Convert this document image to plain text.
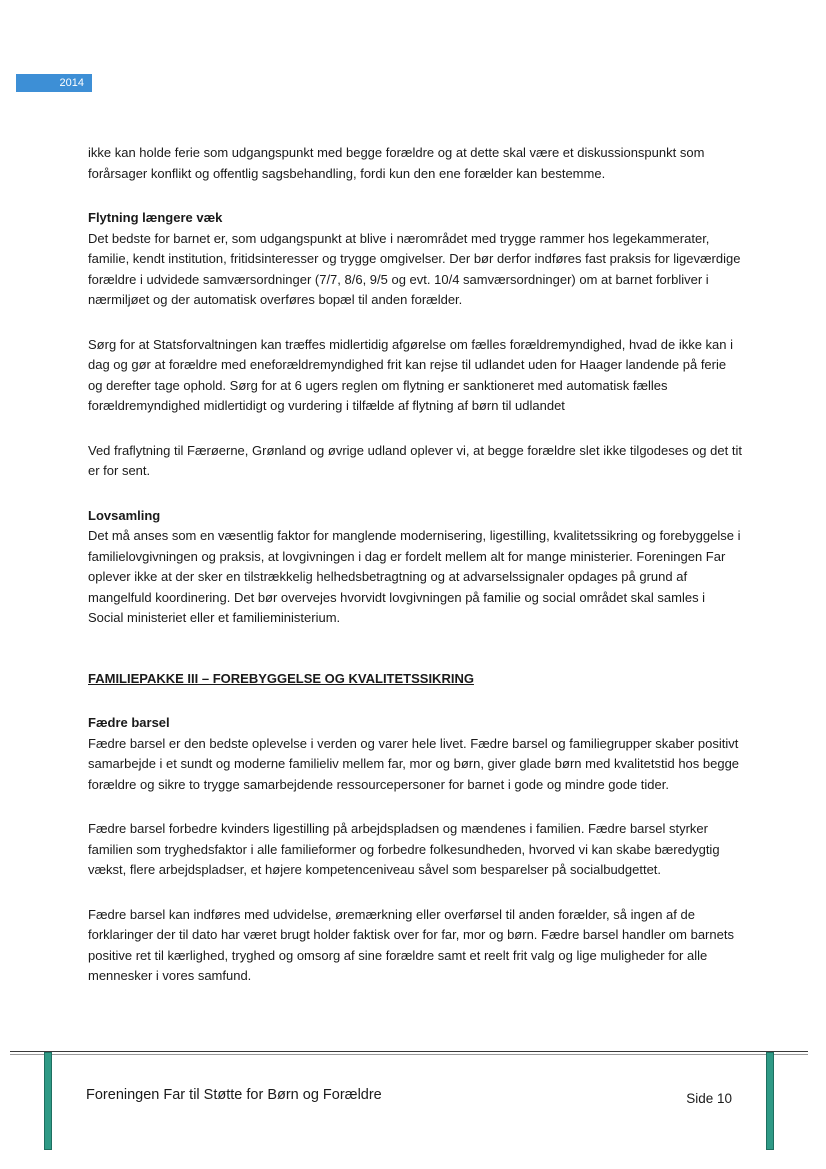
2014

ikke kan holde ferie som udgangspunkt med begge forældre og at dette skal være et diskussionspunkt som forårsager konflikt og offentlig sagsbehandling, fordi kun den ene forælder kan bestemme.

Flytning længere væk

Det bedste for barnet er, som udgangspunkt at blive i nærområdet med trygge rammer hos legekammerater, familie, kendt institution, fritidsinteresser og trygge omgivelser. Der bør derfor indføres fast praksis for ligeværdige forældre i udvidede samværsordninger (7/7, 8/6, 9/5 og evt. 10/4 samværsordninger) om at barnet forbliver i nærmiljøet og der automatisk overføres bopæl til anden forælder.

Sørg for at Statsforvaltningen kan træffes midlertidig afgørelse om fælles forældremyndighed, hvad de ikke kan i dag og gør at forældre med eneforældremyndighed frit kan rejse til udlandet uden for Haager landende på ferie og derefter tage ophold. Sørg for at 6 ugers reglen om flytning er sanktioneret med automatisk fælles forældremyndighed midlertidigt og vurdering i tilfælde af flytning af børn til udlandet

Ved fraflytning til Færøerne, Grønland og øvrige udland oplever vi, at begge forældre slet ikke tilgodeses og det tit er for sent.

Lovsamling

Det må anses som en væsentlig faktor for manglende modernisering, ligestilling, kvalitetssikring og forebyggelse i familielovgivningen og praksis, at lovgivningen i dag er fordelt mellem alt for mange ministerier. Foreningen Far oplever ikke at der sker en tilstrækkelig helhedsbetragtning og at advarselssignaler opdages på grund af mangelfuld koordinering. Det bør overvejes hvorvidt lovgivningen på familie og social området skal samles i Social ministeriet eller et familieministerium.

FAMILIEPAKKE III – FOREBYGGELSE OG KVALITETSSIKRING

Fædre barsel

Fædre barsel er den bedste oplevelse i verden og varer hele livet. Fædre barsel og familiegrupper skaber positivt samarbejde i et sundt og moderne familieliv mellem far, mor og børn, giver glade børn med kvalitetstid hos begge forældre og sikre to trygge samarbejdende ressourcepersoner for barnet i gode og mindre gode tider.

Fædre barsel forbedre kvinders ligestilling på arbejdspladsen og mændenes i familien. Fædre barsel styrker familien som tryghedsfaktor i alle familieformer og forbedre folkesundheden, hvorved vi kan skabe bæredygtig vækst, flere arbejdspladser, et højere kompetenceniveau såvel som besparelser på socialbudgettet.

Fædre barsel kan indføres med udvidelse, øremærkning eller overførsel til anden forælder, så ingen af de forklaringer der til dato har været brugt holder faktisk over for far, mor og børn. Fædre barsel handler om barnets positive ret til kærlighed, tryghed og omsorg af sine forældre samt et reelt frit valg og lige muligheder for alle mennesker i vores samfund.

Foreningen Far til Støtte for Børn og Forældre	Side 10
